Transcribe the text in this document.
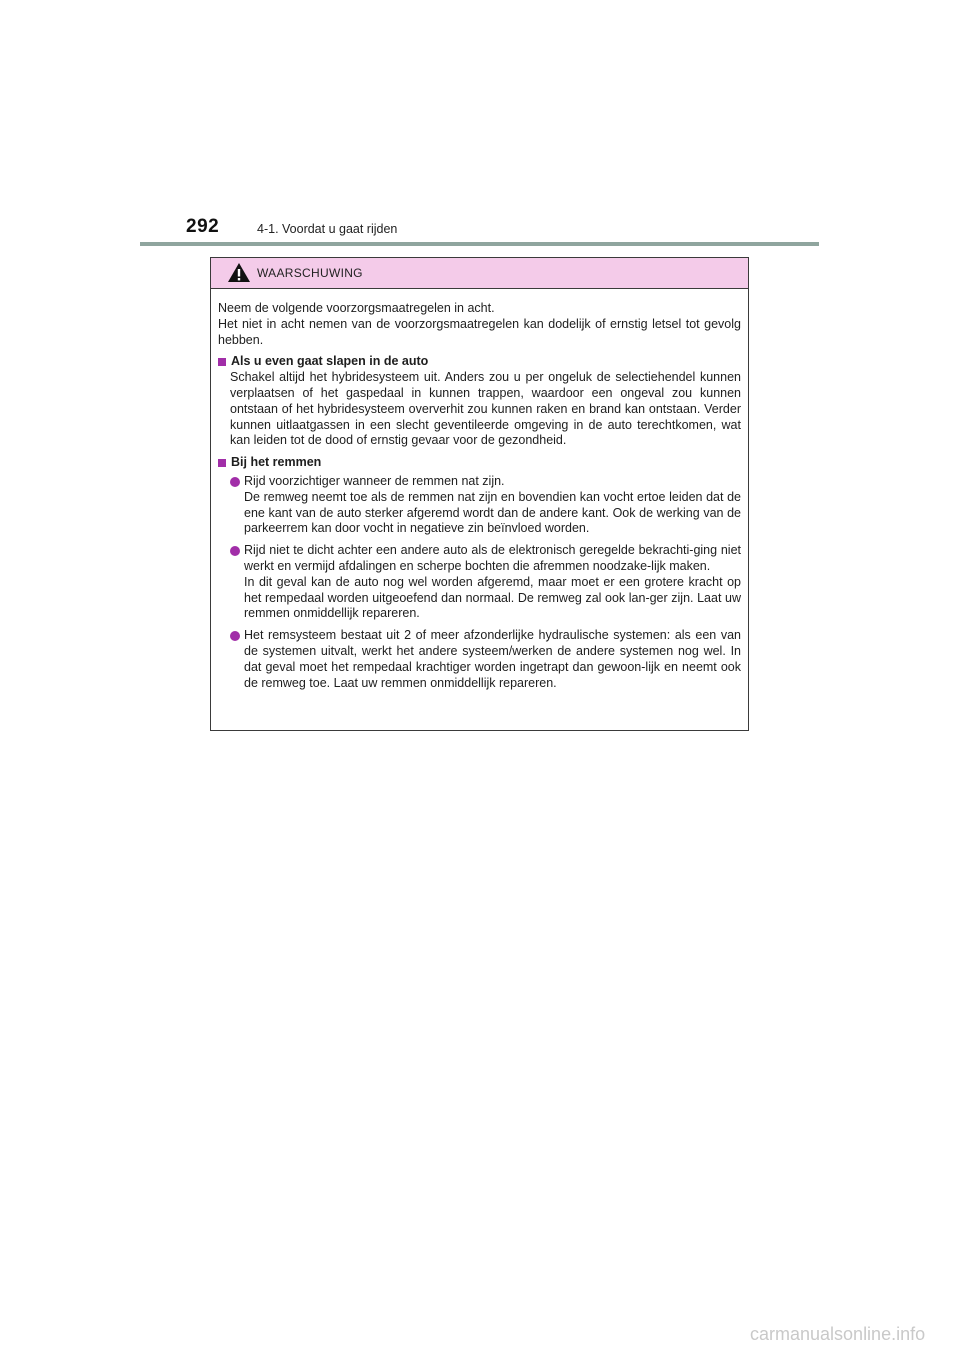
292	4-1. Voordat u gaat rijden
WAARSCHUWING
Neem de volgende voorzorgsmaatregelen in acht.
Het niet in acht nemen van de voorzorgsmaatregelen kan dodelijk of ernstig letsel tot gevolg hebben.
Als u even gaat slapen in de auto
Schakel altijd het hybridesysteem uit. Anders zou u per ongeluk de selectiehendel kunnen verplaatsen of het gaspedaal in kunnen trappen, waardoor een ongeval zou kunnen ontstaan of het hybridesysteem oververhit zou kunnen raken en brand kan ontstaan. Verder kunnen uitlaatgassen in een slecht geventileerde omgeving in de auto terechtkomen, wat kan leiden tot de dood of ernstig gevaar voor de gezondheid.
Bij het remmen
Rijd voorzichtiger wanneer de remmen nat zijn.
De remweg neemt toe als de remmen nat zijn en bovendien kan vocht ertoe leiden dat de ene kant van de auto sterker afgeremd wordt dan de andere kant. Ook de werking van de parkeerrem kan door vocht in negatieve zin beïnvloed worden.
Rijd niet te dicht achter een andere auto als de elektronisch geregelde bekrachti-ging niet werkt en vermijd afdalingen en scherpe bochten die afremmen noodzake-lijk maken.
In dit geval kan de auto nog wel worden afgeremd, maar moet er een grotere kracht op het rempedaal worden uitgeoefend dan normaal. De remweg zal ook lan-ger zijn. Laat uw remmen onmiddellijk repareren.
Het remsysteem bestaat uit 2 of meer afzonderlijke hydraulische systemen: als een van de systemen uitvalt, werkt het andere systeem/werken de andere systemen nog wel. In dat geval moet het rempedaal krachtiger worden ingetrapt dan gewoon-lijk en neemt ook de remweg toe. Laat uw remmen onmiddellijk repareren.
carmanualsonline.info
